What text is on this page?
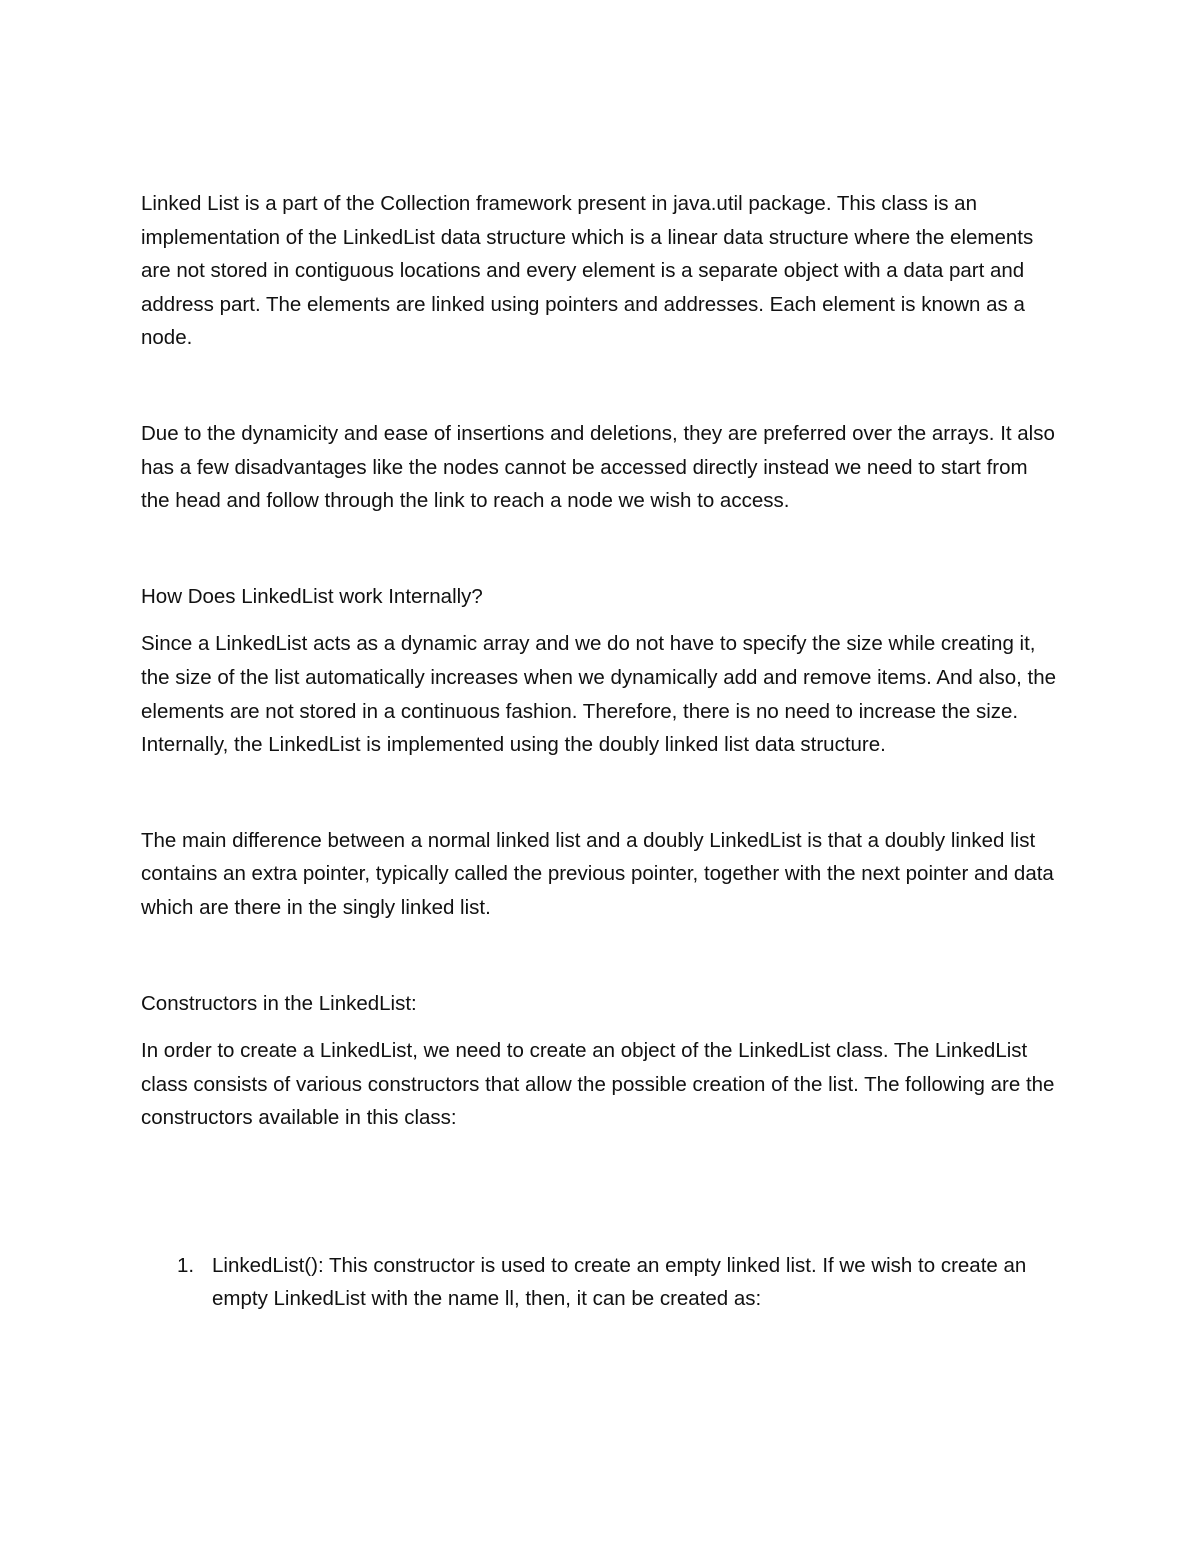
Linked List is a part of the Collection framework present in java.util package. This class is an implementation of the LinkedList data structure which is a linear data structure where the elements are not stored in contiguous locations and every element is a separate object with a data part and address part. The elements are linked using pointers and addresses. Each element is known as a node.

Due to the dynamicity and ease of insertions and deletions, they are preferred over the arrays. It also has a few disadvantages like the nodes cannot be accessed directly instead we need to start from the head and follow through the link to reach a node we wish to access.

How Does LinkedList work Internally?

Since a LinkedList acts as a dynamic array and we do not have to specify the size while creating it, the size of the list automatically increases when we dynamically add and remove items. And also, the elements are not stored in a continuous fashion. Therefore, there is no need to increase the size. Internally, the LinkedList is implemented using the doubly linked list data structure.

The main difference between a normal linked list and a doubly LinkedList is that a doubly linked list contains an extra pointer, typically called the previous pointer, together with the next pointer and data which are there in the singly linked list.

Constructors in the LinkedList:

In order to create a LinkedList, we need to create an object of the LinkedList class. The LinkedList class consists of various constructors that allow the possible creation of the list. The following are the constructors available in this class:

1. LinkedList(): This constructor is used to create an empty linked list. If we wish to create an empty LinkedList with the name ll, then, it can be created as:
